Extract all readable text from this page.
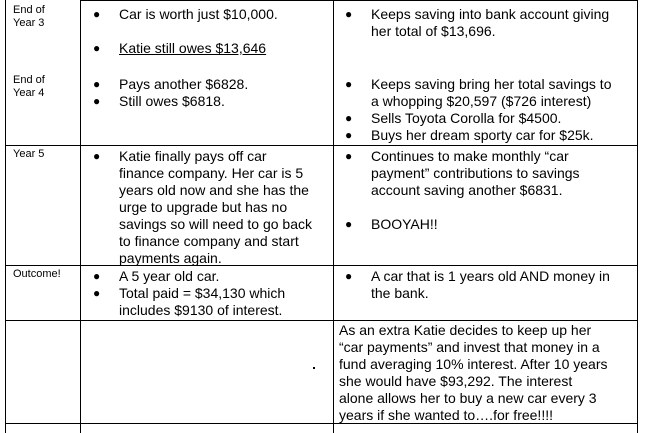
End of
Year 3
● Car is worth just $10,000.
● Katie still owes $13,646
● Keeps saving into bank account giving
her total of $13,696.
End of
Year 4
● Pays another $6828.
● Still owes $6818.
● Keeps saving bring her total savings to
a whopping $20,597 ($726 interest)
● Sells Toyota Corolla for $4500.
● Buys her dream sporty car for $25k.
Year 5	● Katie finally pays off car
finance company. Her car is 5
years old now and she has the
urge to upgrade but has no
savings so will need to go back
to finance company and start
payments again.
● Continues to make monthly “car
payment” contributions to savings
account saving another $6831.
● BOOYAH!!
Outcome!	● A 5 year old car.
● Total paid = $34,130 which
includes $9130 of interest.
● A car that is 1 years old AND money in
the bank.
As an extra Katie decides to keep up her
“car payments” and invest that money in a
fund averaging 10% interest. After 10 years
she would have $93,292. The interest
alone allows her to buy a new car every 3
years if she wanted to….for free!!!!
